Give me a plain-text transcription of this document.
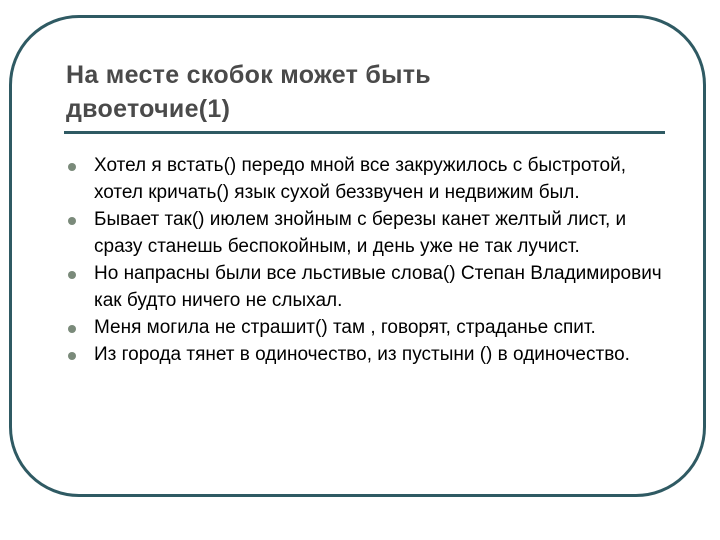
На месте скобок может быть
двоеточие(1)
Хотел я встать() передо мной все закружилось с быстротой, хотел кричать() язык сухой беззвучен и недвижим был.
Бывает так() июлем знойным с березы канет желтый лист, и сразу станешь беспокойным, и день уже не так лучист.
Но напрасны были все льстивые слова() Степан Владимирович как будто ничего не слыхал.
Меня могила не страшит() там , говорят, страданье спит.
Из города тянет в одиночество, из пустыни () в одиночество.
